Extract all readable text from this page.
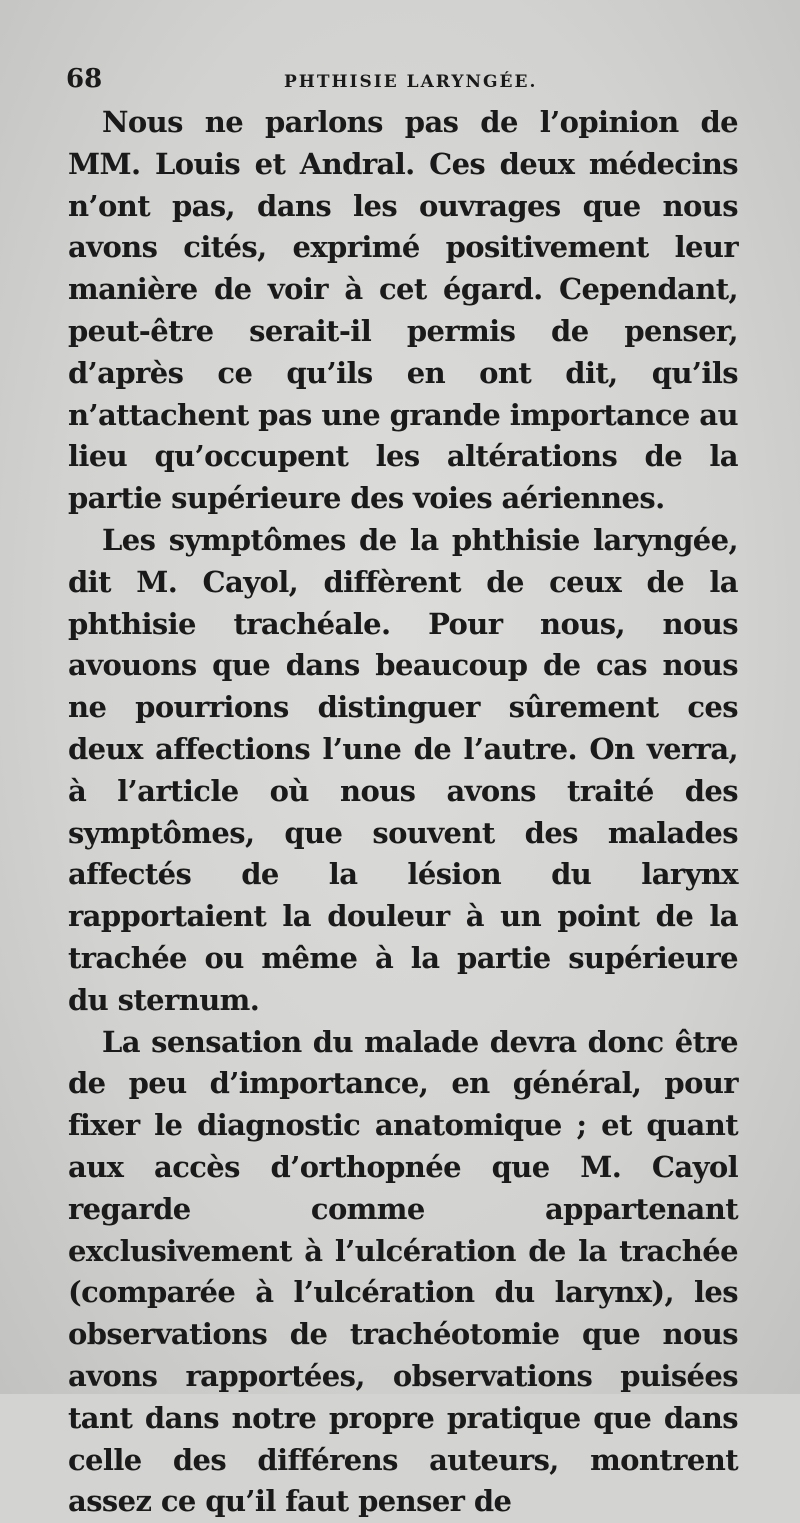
68	PHTHISIE LARYNGÉE.

Nous ne parlons pas de l’opinion de MM. Louis et Andral. Ces deux médecins n’ont pas, dans les ouvrages que nous avons cités, exprimé positivement leur manière de voir à cet égard. Cependant, peut-être serait-il permis de penser, d’après ce qu’ils en ont dit, qu’ils n’attachent pas une grande importance au lieu qu’occupent les altérations de la partie supérieure des voies aériennes.

Les symptômes de la phthisie laryngée, dit M. Cayol, diffèrent de ceux de la phthisie trachéale. Pour nous, nous avouons que dans beaucoup de cas nous ne pourrions distinguer sûrement ces deux affections l’une de l’autre. On verra, à l’article où nous avons traité des symptômes, que souvent des malades affectés de la lésion du larynx rapportaient la douleur à un point de la trachée ou même à la partie supérieure du sternum.

La sensation du malade devra donc être de peu d’importance, en général, pour fixer le diagnostic anatomique ; et quant aux accès d’orthopnée que M. Cayol regarde comme appartenant exclusivement à l’ulcération de la trachée (comparée à l’ulcération du larynx), les observations de trachéotomie que nous avons rapportées, observations puisées tant dans notre propre pratique que dans celle des différens auteurs, montrent assez ce qu’il faut penser de
